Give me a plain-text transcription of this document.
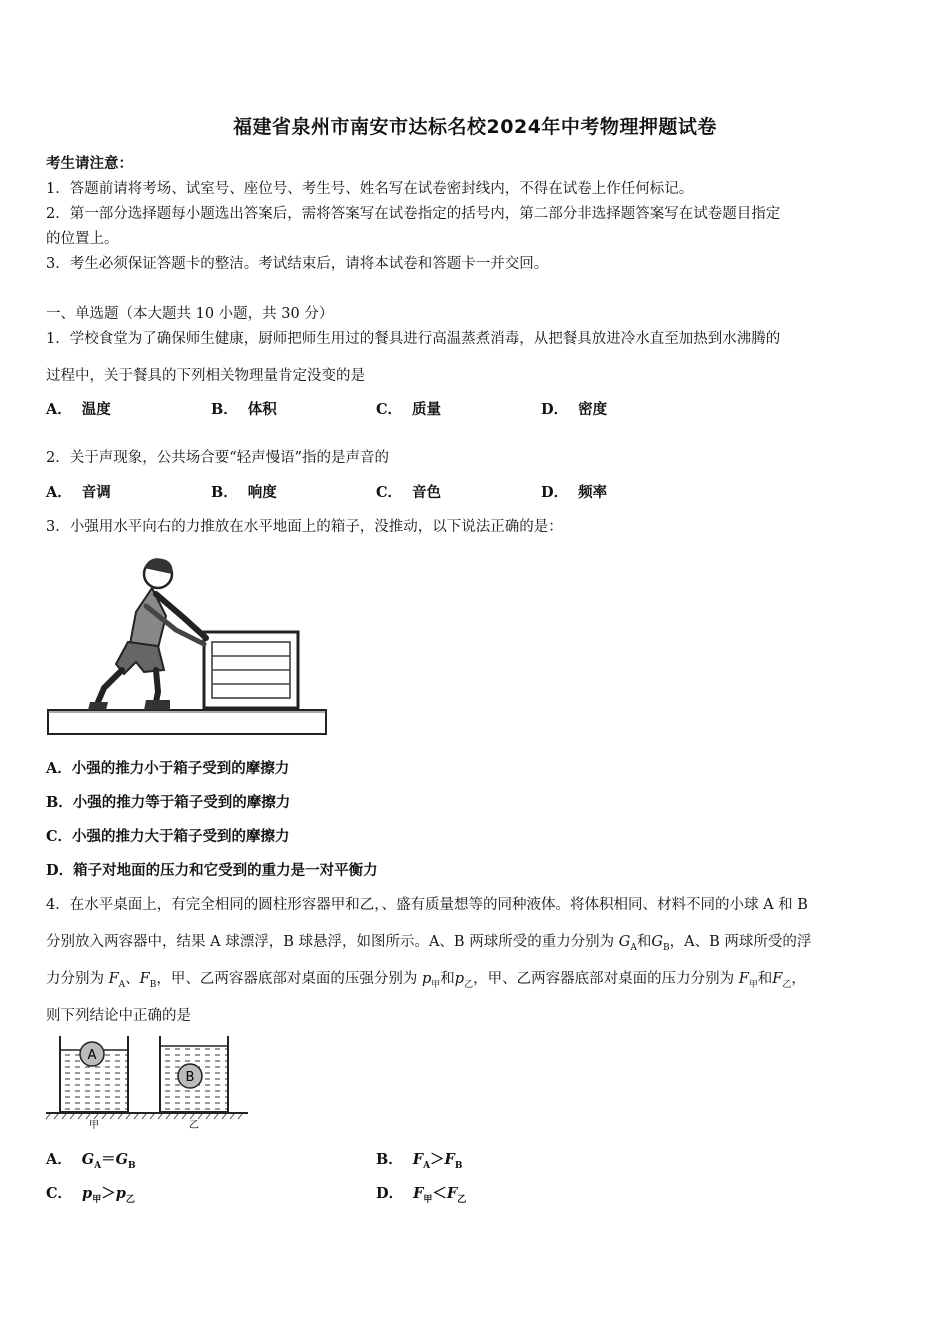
福建省泉州市南安市达标名校2024年中考物理押题试卷
考生请注意：
1．答题前请将考场、试室号、座位号、考生号、姓名写在试卷密封线内，不得在试卷上作任何标记。
2．第一部分选择题每小题选出答案后，需将答案写在试卷指定的括号内，第二部分非选择题答案写在试卷题目指定
的位置上。
3．考生必须保证答题卡的整洁。考试结束后，请将本试卷和答题卡一并交回。
一、单选题（本大题共 10 小题，共 30 分）
1．学校食堂为了确保师生健康，厨师把师生用过的餐具进行高温蒸煮消毒，从把餐具放进冷水直至加热到水沸腾的
过程中，关于餐具的下列相关物理量肯定没变的是
A． 温度	B． 体积	C． 质量	D． 密度
2．关于声现象，公共场合要“轻声慢语”指的是声音的
A． 音调	B． 响度	C． 音色	D． 频率
3．小强用水平向右的力推放在水平地面上的箱子，没推动，以下说法正确的是：
A．小强的推力小于箱子受到的摩擦力
B．小强的推力等于箱子受到的摩擦力
C．小强的推力大于箱子受到的摩擦力
D．箱子对地面的压力和它受到的重力是一对平衡力
4．在水平桌面上，有完全相同的圆柱形容器甲和乙，、盛有质量想等的同种液体。将体积相同、材料不同的小球 A 和 B
分别放入两容器中，结果 A 球漂浮，B 球悬浮，如图所示。A、B 两球所受的重力分别为 $G_A$和$G_B$，A、B 两球所受的浮
力分别为 $F_A$、$F_B$，甲、乙两容器底部对桌面的压强分别为 $p_甲$和$p_乙$，甲、乙两容器底部对桌面的压力分别为 $F_甲$和$F_乙$，
则下列结论中正确的是
A
B
甲	乙
A． $G_A=G_B$	B． $F_A>F_B$
C． $p_甲>p_乙$	D． $F_甲<F_乙$
